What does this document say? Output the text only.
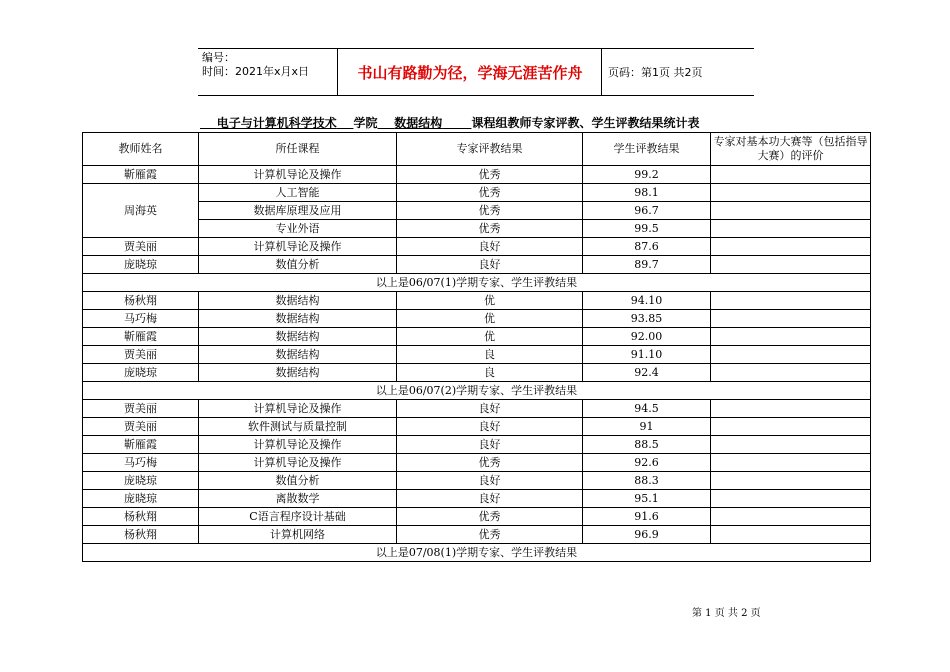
编号：
时间：2021年x月x日	书山有路勤为径，学海无涯苦作舟	页码：第1页 共2页
电子与计算机科学技术 学院 数据结构 课程组教师专家评教、学生评教结果统计表
教师姓名	所任课程	专家评教结果	学生评教结果	专家对基本功大赛等（包括指导大赛）的评价
靳雁霞	计算机导论及操作	优秀	99.2	
周海英	人工智能	优秀	98.1	
	数据库原理及应用	优秀	96.7	
	专业外语	优秀	99.5	
贾美丽	计算机导论及操作	良好	87.6	
庞晓琼	数值分析	良好	89.7	
以上是06/07(1)学期专家、学生评教结果				
杨秋翔	数据结构	优	94.10	
马巧梅	数据结构	优	93.85	
靳雁霞	数据结构	优	92.00	
贾美丽	数据结构	良	91.10	
庞晓琼	数据结构	良	92.4	
以上是06/07(2)学期专家、学生评教结果				
贾美丽	计算机导论及操作	良好	94.5	
贾美丽	软件测试与质量控制	良好	91	
靳雁霞	计算机导论及操作	良好	88.5	
马巧梅	计算机导论及操作	优秀	92.6	
庞晓琼	数值分析	良好	88.3	
庞晓琼	离散数学	良好	95.1	
杨秋翔	C语言程序设计基础	优秀	91.6	
杨秋翔	计算机网络	优秀	96.9	
以上是07/08(1)学期专家、学生评教结果				
第 1 页 共 2 页
